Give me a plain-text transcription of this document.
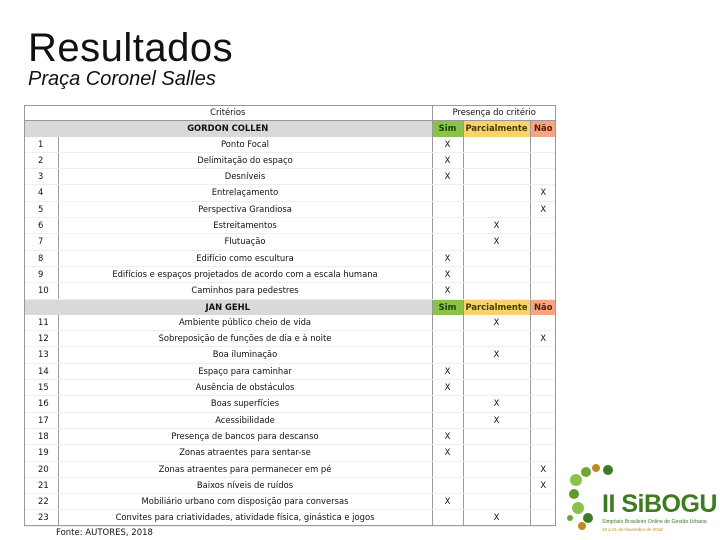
Resultados
Praça Coronel Salles
Critérios		Presença do critério		
GORDON COLLEN		Sim	Parcialmente	Não
1	Ponto Focal	X		
2	Delimitação do espaço	X		
3	Desníveis	X		
4	Entrelaçamento			X
5	Perspectiva Grandiosa			X
6	Estreitamentos		X	
7	Flutuação		X	
8	Edifício como escultura	X		
9	Edifícios e espaços projetados de acordo com a escala humana	X		
10	Caminhos para pedestres	X		
JAN GEHL		Sim	Parcialmente	Não
11	Ambiente público cheio de vida		X	
12	Sobreposição de funções de dia e à noite			X
13	Boa iluminação		X	
14	Espaço para caminhar	X		
15	Ausência de obstáculos	X		
16	Boas superfícies		X	
17	Acessibilidade		X	
18	Presença de bancos para descanso	X		
19	Zonas atraentes para sentar-se	X		
20	Zonas atraentes para permanecer em pé			X
21	Baixos níveis de ruídos			X
22	Mobiliário urbano com disposição para conversas	X		
23	Convites para criatividades, atividade física, ginástica e jogos		X	
Fonte: AUTORES, 2018
II SiBOGU
Simpósio Brasileiro Online de Gestão Urbana
19 a 21 de Novembro de 2018
